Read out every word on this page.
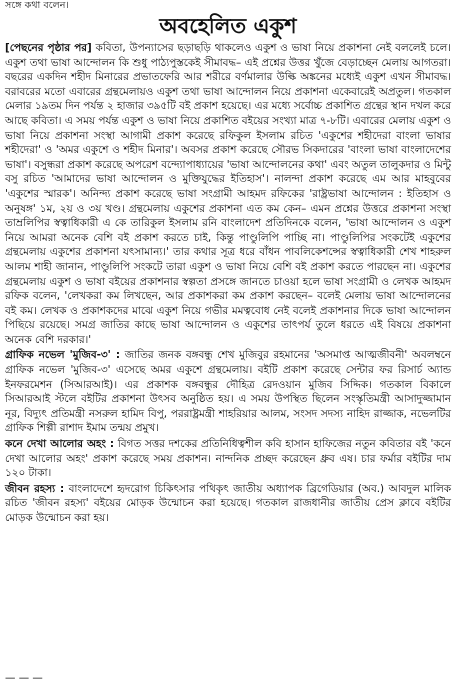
সঙ্গে কথা বলেন।
অবহেলিত একুশ

[পেছনের পৃষ্ঠার পর] কবিতা, উপন্যাসের ছড়াছড়ি থাকলেও একুশ ও ভাষা নিয়ে প্রকাশনা নেই বললেই চলে। একুশ তথা ভাষা আন্দোলন কি শুধু পাঠ্যপুস্তকেই সীমাবদ্ধ– এই প্রশ্নের উত্তর খুঁজে বেড়াচ্ছেন মেলায় আগতরা। বছরের একদিন শহীদ মিনারের প্রভাতফেরি আর শরীরে বর্ণমালার উল্কি অঙ্কনের মধ্যেই একুশ এখন সীমাবদ্ধ। বরাবরের মতো এবারের গ্রন্থমেলায়ও একুশ তথা ভাষা আন্দোলন নিয়ে প্রকাশনা একেবারেই অপ্রতুল। গতকাল মেলার ১৯তম দিন পর্যন্ত ২ হাজার ৩৯৫টি বই প্রকাশ হয়েছে। এর মধ্যে সর্বোচ্চ প্রকাশিত গ্রন্থের স্থান দখল করে আছে কবিতা। এ সময় পর্যন্ত একুশ ও ভাষা নিয়ে প্রকাশিত বইয়ের সংখ্যা মাত্র ৭-৮টি। এবারের মেলায় একুশ ও ভাষা নিয়ে প্রকাশনা সংস্থা আগামী প্রকাশ করেছে রফিকুল ইসলাম রচিত 'একুশের শহীদেরা বাংলা ভাষার শহীদেরা' ও 'অমর একুশে ও শহীদ মিনার'। অবসর প্রকাশ করেছে সৌরভ সিকদারের 'বাংলা ভাষা বাংলাদেশের ভাষা'। বসুন্ধরা প্রকাশ করেছে অপরেশ বন্দ্যোপাধ্যায়ের 'ভাষা আন্দোলনের কথা' এবং অতুল তালুকদার ও মিন্টু বসু রচিত 'আমাদের ভাষা আন্দোলন ও মুক্তিযুদ্ধের ইতিহাস'। নালন্দা প্রকাশ করেছে এম আর মাহবুবের 'একুশের স্মারক'। অনিন্দ্য প্রকাশ করেছে ভাষা সংগ্রামী আহমদ রফিকের 'রাষ্ট্রভাষা আন্দোলন : ইতিহাস ও অনুষঙ্গ' ১ম, ২য় ও ৩য় খণ্ড। গ্রন্থমেলায় একুশের প্রকাশনা এত কম কেন– এমন প্রশ্নের উত্তরে প্রকাশনা সংস্থা তাম্রলিপির স্বত্বাধিকারী এ কে তারিকুল ইসলাম রনি বাংলাদেশ প্রতিদিনকে বলেন, 'ভাষা আন্দোলন ও একুশ নিয়ে আমরা অনেক বেশি বই প্রকাশ করতে চাই, কিন্তু পাণ্ডুলিপি পাচ্ছি না। পাণ্ডুলিপির সংকটেই একুশের গ্রন্থমেলায় একুশের প্রকাশনা যৎসামান্য।' তার কথার সূত্র ধরে বাঁধন পাবলিকেশন্সের স্বত্বাধিকারী শেখ শাহরুল আলম শাহী জানান, পাণ্ডুলিপি সংকটে তারা একুশ ও ভাষা নিয়ে বেশি বই প্রকাশ করতে পারছেন না। একুশের গ্রন্থমেলায় একুশ ও ভাষা বইয়ের প্রকাশনার স্বল্পতা প্রসঙ্গে জানতে চাওয়া হলে ভাষা সংগ্রামী ও লেখক আহমদ রফিক বলেন, 'লেখকরা কম লিখছেন, আর প্রকাশকরা কম প্রকাশ করছেন– বলেই মেলায় ভাষা আন্দোলনের বই কম। লেখক ও প্রকাশকদের মাঝে একুশ নিয়ে গভীর মমত্ববোধ নেই বলেই প্রকাশনার দিকে ভাষা আন্দোলন পিছিয়ে রয়েছে। সমগ্র জাতির কাছে ভাষা আন্দোলন ও একুশের তাৎপর্য তুলে ধরতে এই বিষয়ে প্রকাশনা অনেক বেশি দরকার।'

গ্রাফিক নভেল 'মুজিব-৩' : জাতির জনক বঙ্গবন্ধু শেখ মুজিবুর রহমানের 'অসমাপ্ত আত্মজীবনী' অবলম্বনে গ্রাফিক নভেল 'মুজিব-৩' এসেছে অমর একুশে গ্রন্থমেলায়। বইটি প্রকাশ করেছে সেন্টার ফর রিসার্চ অ্যান্ড ইনফরমেশন (সিআরআই)। এর প্রকাশক বঙ্গবন্ধুর দৌহিত্র রেদওয়ান মুজিব সিদ্দিক। গতকাল বিকালে সিআরআই স্টলে বইটির প্রকাশনা উৎসব অনুষ্ঠিত হয়। এ সময় উপস্থিত ছিলেন সংস্কৃতিমন্ত্রী আসাদুজ্জামান নূর, বিদ্যুৎ প্রতিমন্ত্রী নসরুল হামিদ বিপু, পররাষ্ট্রমন্ত্রী শাহরিয়ার আলম, সংসদ সদস্য নাহিদ রাজ্জাক, নভেলটির গ্রাফিক শিল্পী রাশাদ ইমাম তন্ময় প্রমুখ।

কনে দেখা আলোর অহং : বিগত সত্তর দশকের প্রতিনিধিত্বশীল কবি হাসান হাফিজের নতুন কবিতার বই 'কনে দেখা আলোর অহং' প্রকাশ করেছে সময় প্রকাশন। নান্দনিক প্রচ্ছদ করেছেন ধ্রুব এষ। চার ফর্মার বইটির দাম ১২০ টাকা।

জীবন রহস্য : বাংলাদেশে হৃদরোগ চিকিৎসার পথিকৃৎ জাতীয় অধ্যাপক ব্রিগেডিয়ার (অব.) আবদুল মালিক রচিত 'জীবন রহস্য' বইয়ের মোড়ক উন্মোচন করা হয়েছে। গতকাল রাজধানীর জাতীয় প্রেস ক্লাবে বইটির মোড়ক উন্মোচন করা হয়।

— — —
